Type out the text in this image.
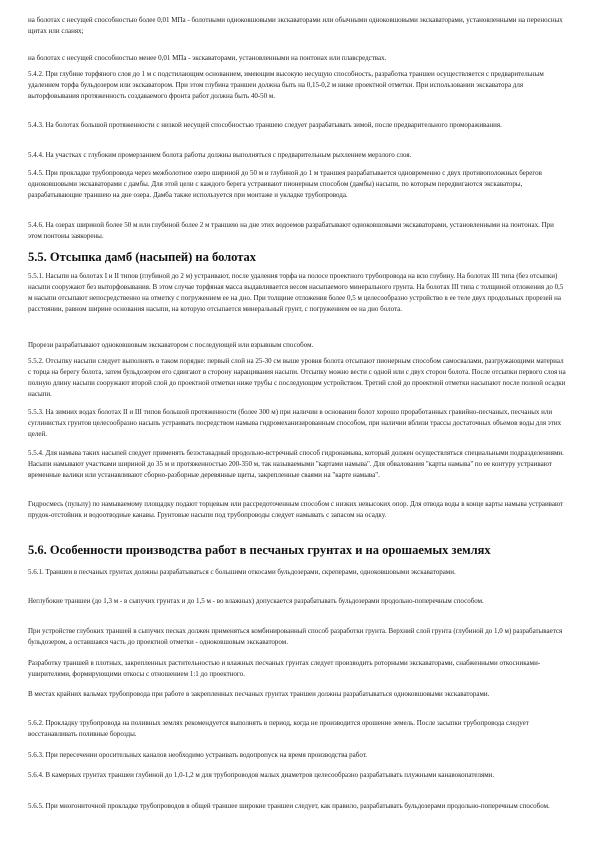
на болотах с несущей способностью более 0,01 МПа - болотными одноковшовыми экскаваторами или обычными одноковшовыми экскаваторами, установленными на переносных щитах или сланях;

на болотах с несущей способностью менее 0,01 МПа - экскаваторами, установленными на понтонах или плавсредствах.

5.4.2. При глубине торфяного слоя до 1 м с подстилающим основанием, имеющим высокую несущую способность, разработка траншеи осуществляется с предварительным удалением торфа бульдозером или экскаватором. При этом глубина траншеи должна быть на 0,15-0,2 м ниже проектной отметки. При использовании экскаватора для выторфовывания протяженность создаваемого фронта работ должна быть 40-50 м.

5.4.3. На болотах большой протяженности с низкой несущей способностью траншею следует разрабатывать зимой, после предварительного промораживания.

5.4.4. На участках с глубоким промерзанием болота работы должны выполняться с предварительным рыхлением мерзлого слоя.

5.4.5. При прокладке трубопровода через межболотное озеро шириной до 50 м и глубиной до 1 м траншея разрабатывается одновременно с двух противоположных берегов одноковшовыми экскаваторами с дамбы. Для этой цели с каждого берега устраивают пионерным способом (дамбы) насыпи, по которым передвигаются экскаваторы, разрабатывающие траншею на дне озера. Дамба также используется при монтаже и укладке трубопровода.

5.4.6. На озерах шириной более 50 м или глубиной более 2 м траншею на дне этих водоемов разрабатывают одноковшовыми экскаваторами, установленными на понтонах. При этом понтоны заякорены.

5.5. Отсыпка дамб (насыпей) на болотах

5.5.1. Насыпи на болотах I и II типов (глубиной до 2 м) устраивают, после удаления торфа на полосе проектного трубопровода на всю глубину. На болотах III типа (без отсыпки) насыпи сооружают без выторфовывания. В этом случае торфяная масса выдавливается весом насыпаемого минерального грунта. На болотах III типа с толщиной отложения до 0,5 м насыпи отсыпают непосредственно на отметку с погружением ее на дно. При толщине отложения более 0,5 м целесообразно устройство в ее теле двух продольных прорезей на расстоянии, равном ширине основания насыпи, на которую отсыпается минеральный грунт, с погружением ее на дно болота.

Прорези разрабатывают одноковшовым экскаватором с последующей или взрывным способом.

5.5.2. Отсыпку насыпи следует выполнять в таком порядке: первый слой на 25-30 см выше уровня болота отсыпают пионерным способом самосвалами, разгружающими материал с торца на берегу болота, затем бульдозером его сдвигают в сторону наращивания насыпи. Отсыпку можно вести с одной или с двух сторон болота. После отсыпки первого слоя на полную длину насыпи сооружают второй слой до проектной отметки ниже трубы с последующим устройством. Третий слой до проектной отметки насыпают после полной осадки насыпи.

5.5.3. На зимних водах болотах II и III типов большой протяженности (более 300 м) при наличии в основании болот хорошо проработанных гравийно-песчаных, песчаных или суглинистых грунтов целесообразно насыпь устраивать посредством намыва гидромеханизированным способом, при наличии вблизи трассы достаточных объемов воды для этих целей.

5.5.4. Для намыва таких насыпей следует применять безэстакадный продольно-встречный способ гидронамыва, который должен осуществляться специальными подразделениями. Насыпи намывают участками шириной до 35 м и протяженностью 200-350 м, так называемыми "картами намыва". Для обвалования "карты намыва" по ее контуру устраивают временные валики или устанавливают сборно-разборные деревянные щиты, закрепленные сваями на "карте намыва".

Гидросмесь (пульпу) по намываемому площадку подают торцевым или рассредоточенным способом с низких невысоких опор. Для отвода воды в конце карты намыва устраивают прудок-отстойник и водоотводные канавы. Грунтовые насыпи под трубопроводы следует намывать с запасом на осадку.

5.6. Особенности производства работ в песчаных грунтах и на орошаемых землях

5.6.1. Траншеи в песчаных грунтах должны разрабатываться с большими откосами бульдозерами, скреперами, одноковшовыми экскаваторами.

Неглубокие траншеи (до 1,3 м - в сыпучих грунтах и до 1,5 м - во влажных) допускается разрабатывать бульдозерами продольно-поперечным способом.

При устройстве глубоких траншей в сыпучих песках должен применяться комбинированный способ разработки грунта. Верхний слой грунта (глубиной до 1,0 м) разрабатывается бульдозером, а оставшаяся часть до проектной отметки - одноковшовым экскаватором.

Разработку траншей в плотных, закрепленных растительностью и влажных песчаных грунтах следует производить роторными экскаваторами, снабженными откосниками-уширителями, формирующими откосы с отношением 1:1 до проектного.

В местах крайних вальмах трубопровода при работе в закрепленных песчаных грунтах траншеи должны разрабатываться одноковшовыми экскаваторами.

5.6.2. Прокладку трубопровода на поливных землях рекомендуется выполнять в период, когда не производится орошение земель. После засыпки трубопровода следует восстанавливать поливные борозды.

5.6.3. При пересечении оросительных каналов необходимо устраивать водопропуск на время производства работ.

5.6.4. В камерных грунтах траншеи глубиной до 1,0-1,2 м для трубопроводов малых диаметров целесообразно разрабатывать плужными канавокопателями.

5.6.5. При многониточной прокладке трубопроводов в общей траншее широкие траншеи следует, как правило, разрабатывать бульдозерами продольно-поперечным способом.
